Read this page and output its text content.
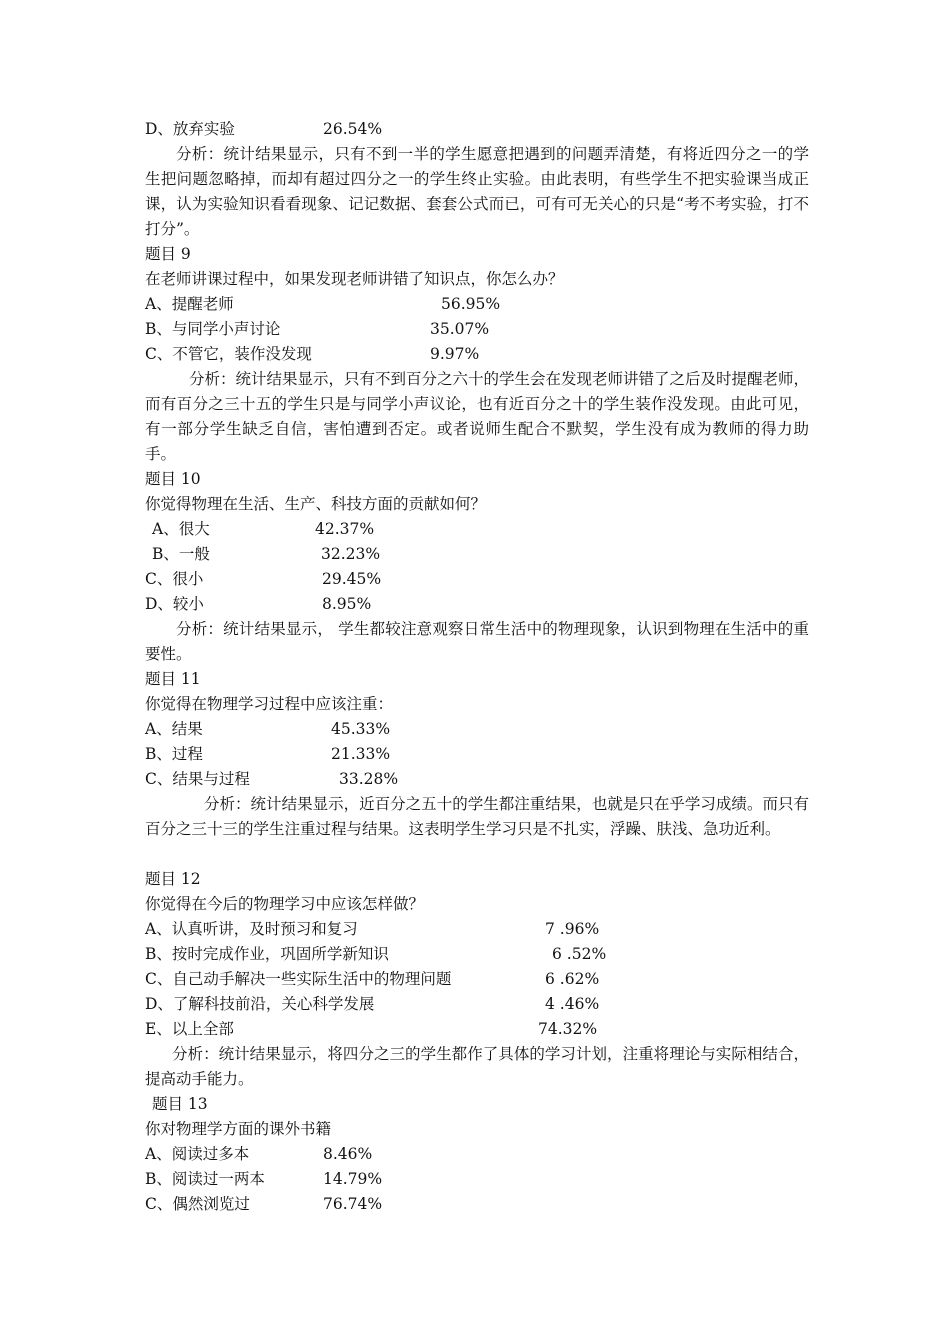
D、放弃实验	26.54%
分析：统计结果显示，只有不到一半的学生愿意把遇到的问题弄清楚，有将近四分之一的学生把问题忽略掉，而却有超过四分之一的学生终止实验。由此表明，有些学生不把实验课当成正课，认为实验知识看看现象、记记数据、套套公式而已，可有可无关心的只是“考不考实验，打不打分”。
题目 9
在老师讲课过程中，如果发现老师讲错了知识点，你怎么办？
A、提醒老师	56.95%
B、与同学小声讨论	35.07%
C、不管它，装作没发现	9.97%
分析：统计结果显示，只有不到百分之六十的学生会在发现老师讲错了之后及时提醒老师，而有百分之三十五的学生只是与同学小声议论，也有近百分之十的学生装作没发现。由此可见，有一部分学生缺乏自信，害怕遭到否定。或者说师生配合不默契，学生没有成为教师的得力助手。
题目 10
你觉得物理在生活、生产、科技方面的贡献如何？
A、很大	42.37%
B、一般	32.23%
C、很小	29.45%
D、较小	8.95%
分析：统计结果显示， 学生都较注意观察日常生活中的物理现象，认识到物理在生活中的重要性。
题目 11
你觉得在物理学习过程中应该注重：
A、结果	45.33%
B、过程	21.33%
C、结果与过程	33.28%
分析：统计结果显示，近百分之五十的学生都注重结果，也就是只在乎学习成绩。而只有百分之三十三的学生注重过程与结果。这表明学生学习只是不扎实，浮躁、肤浅、急功近利。
题目 12
你觉得在今后的物理学习中应该怎样做？
A、认真听讲，及时预习和复习	7 .96%
B、按时完成作业，巩固所学新知识	6 .52%
C、自己动手解决一些实际生活中的物理问题	6 .62%
D、了解科技前沿，关心科学发展	4 .46%
E、以上全部	74.32%
分析：统计结果显示，将四分之三的学生都作了具体的学习计划，注重将理论与实际相结合，提高动手能力。
题目 13
你对物理学方面的课外书籍
A、阅读过多本	8.46%
B、阅读过一两本	14.79%
C、偶然浏览过	76.74%
